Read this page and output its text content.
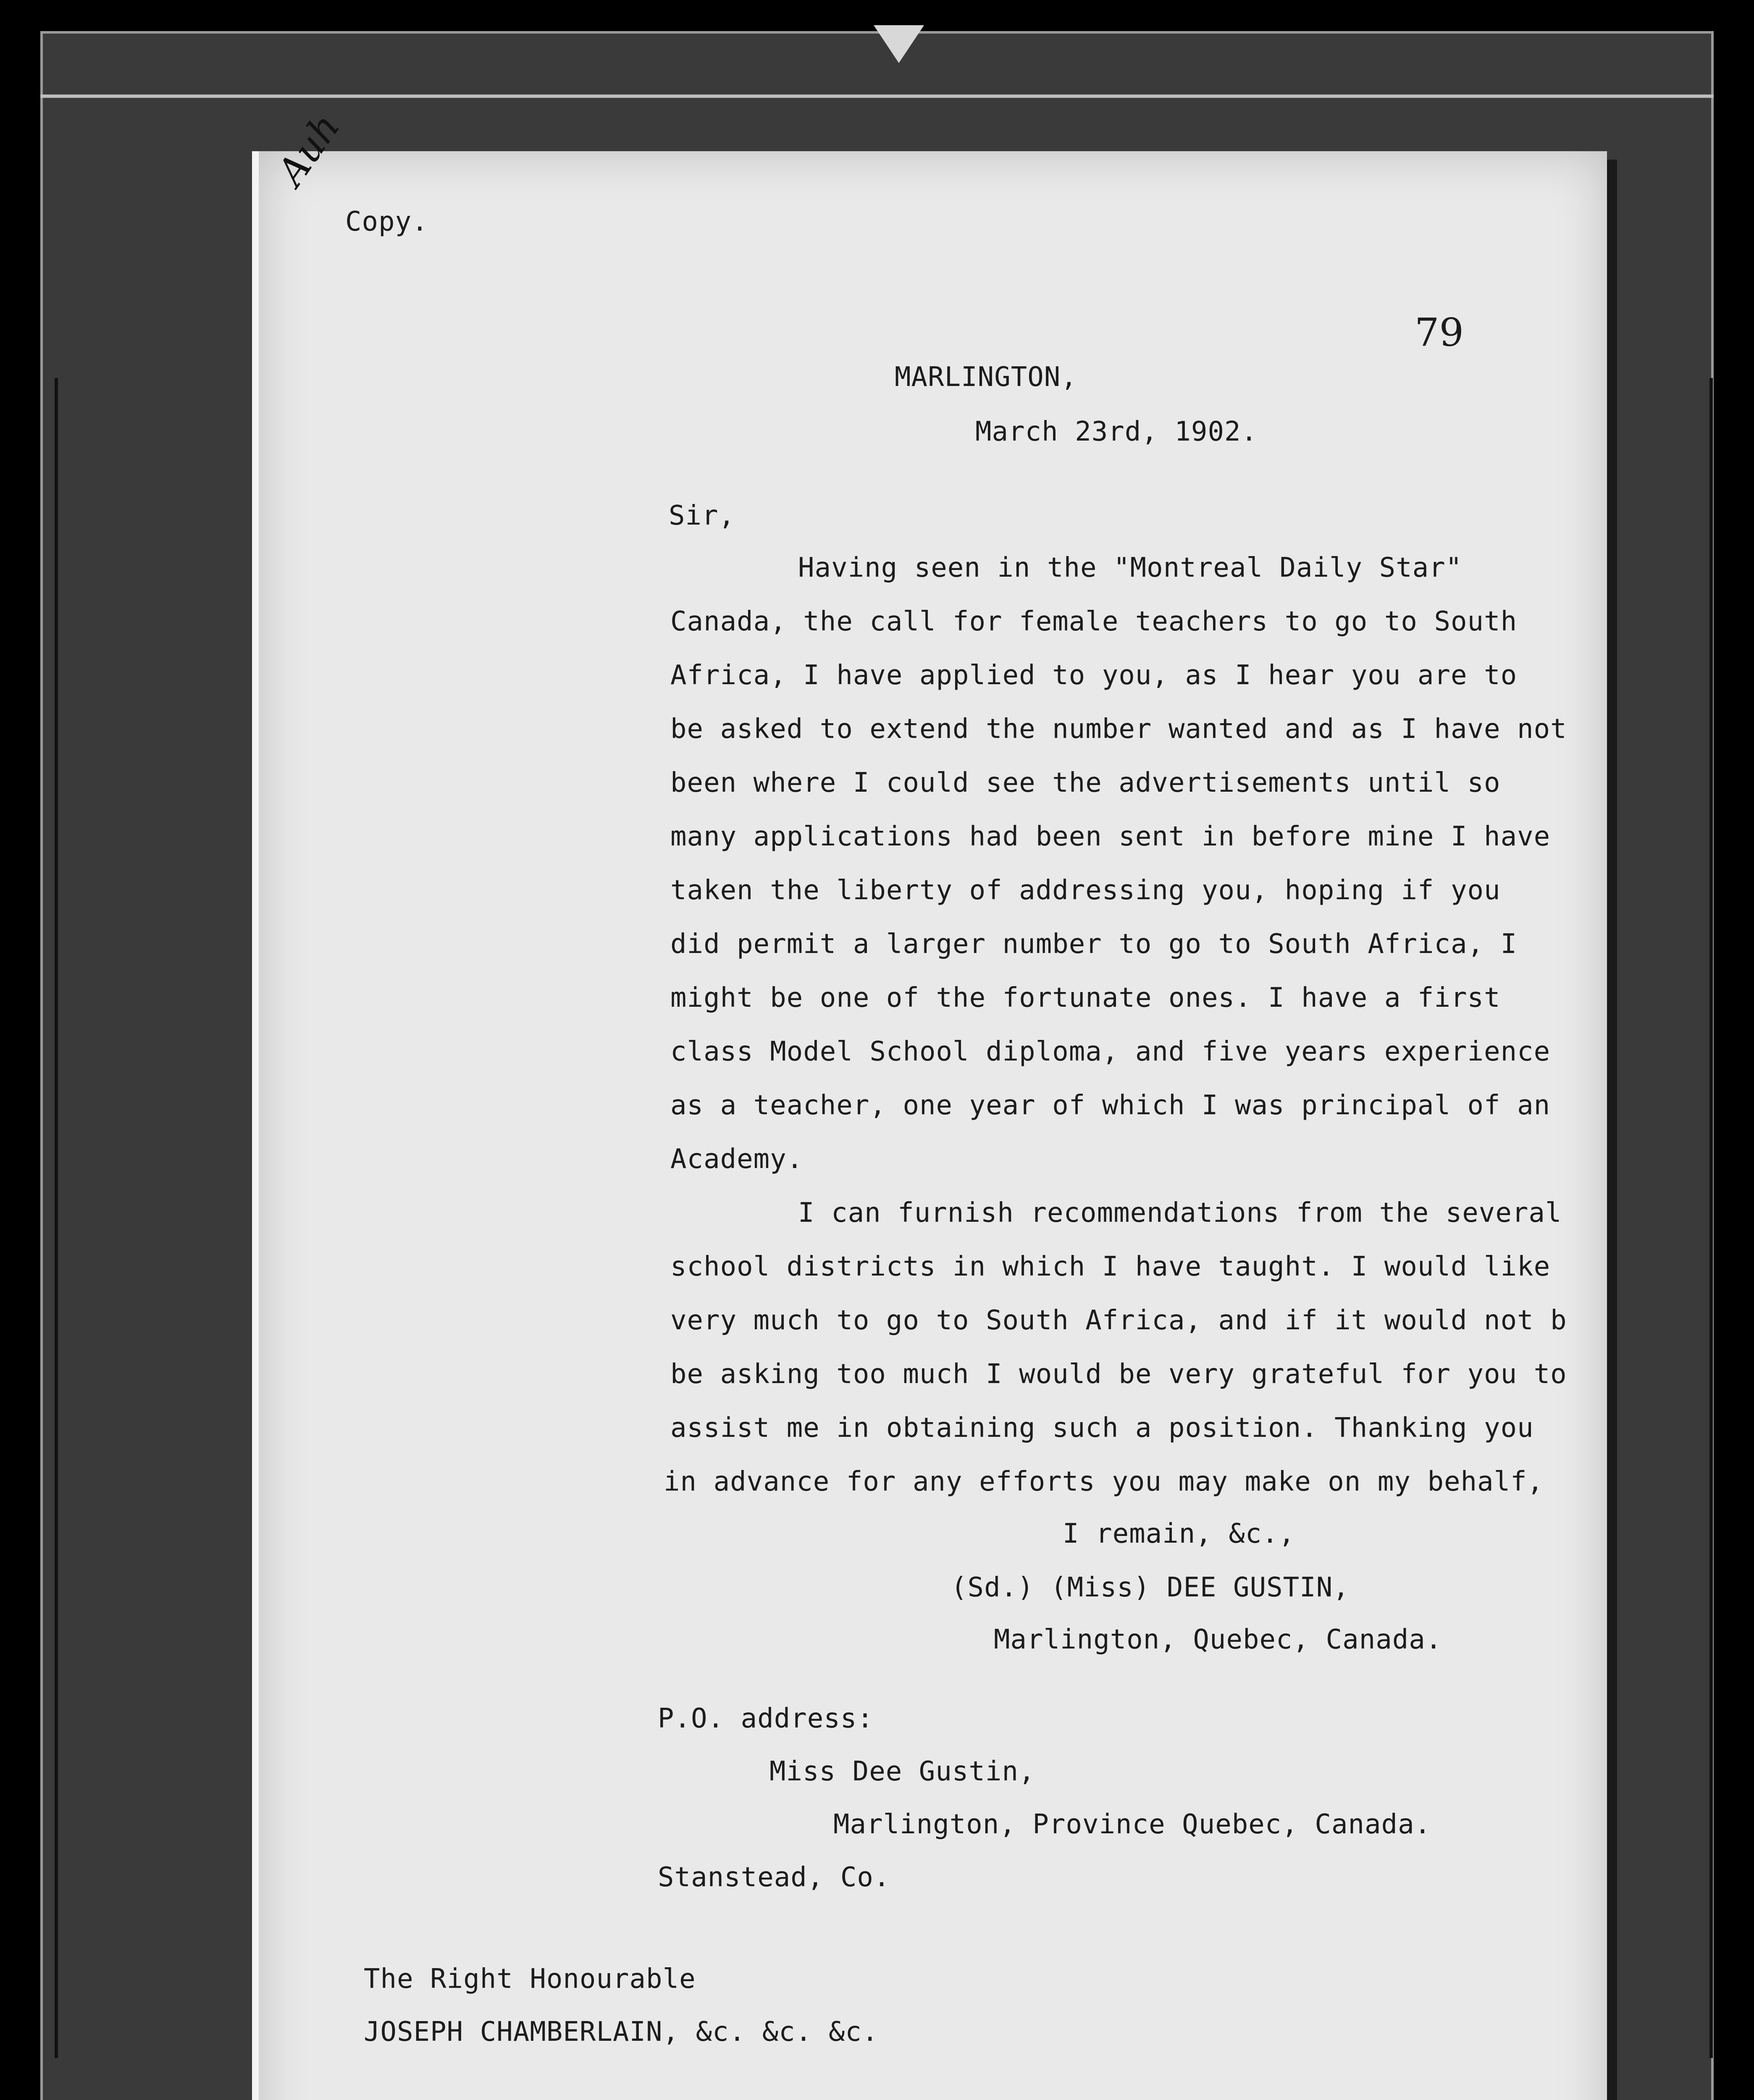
Auh
Copy.
79
MARLINGTON,
March 23rd, 1902.
Sir,
Having seen in the "Montreal Daily Star"
Canada, the call for female teachers to go to South
Africa, I have applied to you, as I hear you are to
be asked to extend the number wanted and as I have not
been where I could see the advertisements until so
many applications had been sent in before mine I have
taken the liberty of addressing you, hoping if you
did permit a larger number to go to South Africa, I
might be one of the fortunate ones. I have a first
class Model School diploma, and five years experience
as a teacher, one year of which I was principal of an
Academy.
I can furnish recommendations from the several
school districts in which I have taught. I would like
very much to go to South Africa, and if it would not b
be asking too much I would be very grateful for you to
assist me in obtaining such a position. Thanking you
in advance for any efforts you may make on my behalf,
I remain, &c.,
(Sd.) (Miss) DEE GUSTIN,
Marlington, Quebec, Canada.
P.O. address:
Miss Dee Gustin,
Marlington, Province Quebec, Canada.
Stanstead, Co.
The Right Honourable
JOSEPH CHAMBERLAIN, &c. &c. &c.
